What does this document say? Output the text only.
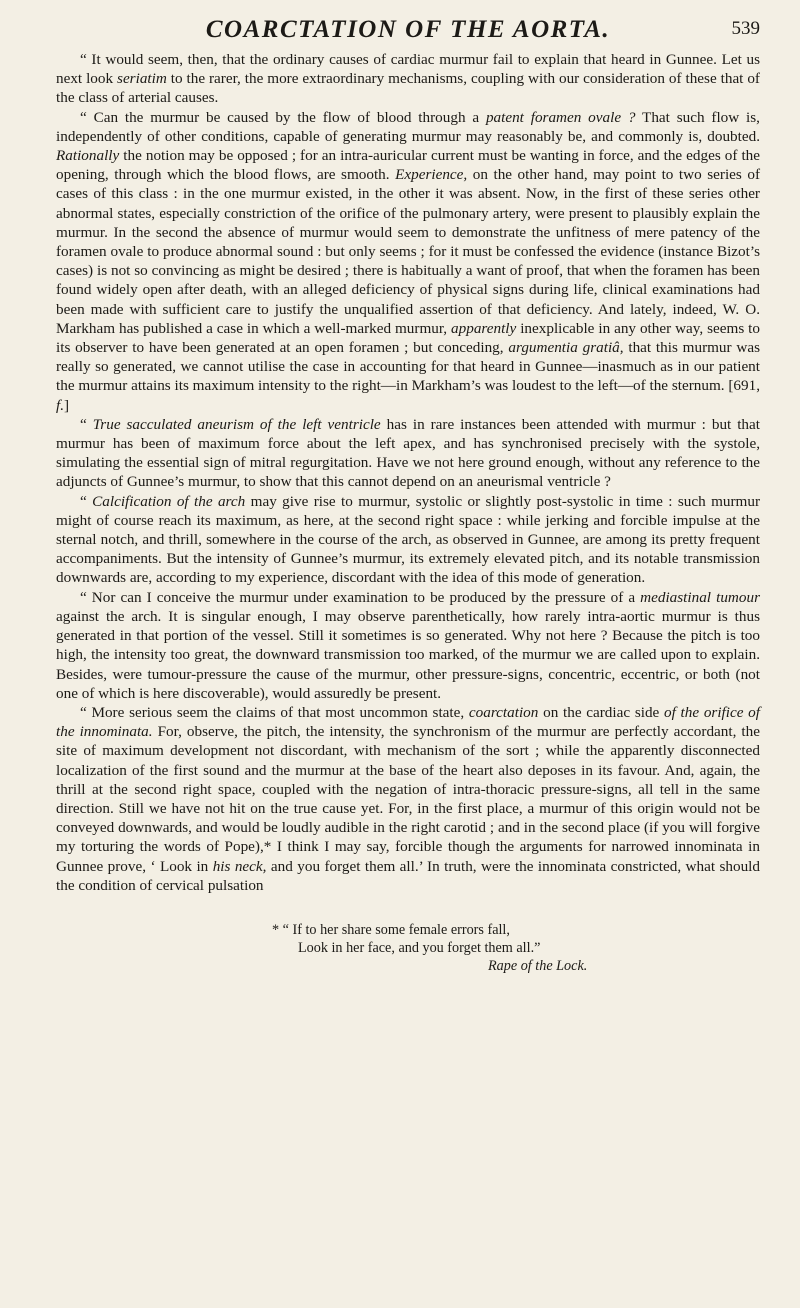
COARCTATION OF THE AORTA.	539

“ It would seem, then, that the ordinary causes of cardiac murmur fail to explain that heard in Gunnee. Let us next look seriatim to the rarer, the more extraordinary mechanisms, coupling with our consideration of these that of the class of arterial causes.

“ Can the murmur be caused by the flow of blood through a patent foramen ovale ? That such flow is, independently of other conditions, capable of generating murmur may reasonably be, and commonly is, doubted. Rationally the notion may be opposed ; for an intra-auricular current must be wanting in force, and the edges of the opening, through which the blood flows, are smooth. Experience, on the other hand, may point to two series of cases of this class : in the one murmur existed, in the other it was absent. Now, in the first of these series other abnormal states, especially constriction of the orifice of the pulmonary artery, were present to plausibly explain the murmur. In the second the absence of murmur would seem to demonstrate the unfitness of mere patency of the foramen ovale to produce abnormal sound : but only seems ; for it must be confessed the evidence (instance Bizot’s cases) is not so convincing as might be desired ; there is habitually a want of proof, that when the foramen has been found widely open after death, with an alleged deficiency of physical signs during life, clinical examinations had been made with sufficient care to justify the unqualified assertion of that deficiency. And lately, indeed, W. O. Markham has published a case in which a well-marked murmur, apparently inexplicable in any other way, seems to its observer to have been generated at an open foramen ; but conceding, argumentia gratiâ, that this murmur was really so generated, we cannot utilise the case in accounting for that heard in Gunnee—inasmuch as in our patient the murmur attains its maximum intensity to the right—in Markham’s was loudest to the left—of the sternum. [691, f.]

“ True sacculated aneurism of the left ventricle has in rare instances been attended with murmur : but that murmur has been of maximum force about the left apex, and has synchronised precisely with the systole, simulating the essential sign of mitral regurgitation. Have we not here ground enough, without any reference to the adjuncts of Gunnee’s murmur, to show that this cannot depend on an aneurismal ventricle ?

“ Calcification of the arch may give rise to murmur, systolic or slightly post-systolic in time : such murmur might of course reach its maximum, as here, at the second right space : while jerking and forcible impulse at the sternal notch, and thrill, somewhere in the course of the arch, as observed in Gunnee, are among its pretty frequent accompaniments. But the intensity of Gunnee’s murmur, its extremely elevated pitch, and its notable transmission downwards are, according to my experience, discordant with the idea of this mode of generation.

“ Nor can I conceive the murmur under examination to be produced by the pressure of a mediastinal tumour against the arch. It is singular enough, I may observe parenthetically, how rarely intra-aortic murmur is thus generated in that portion of the vessel. Still it sometimes is so generated. Why not here ? Because the pitch is too high, the intensity too great, the downward transmission too marked, of the murmur we are called upon to explain. Besides, were tumour-pressure the cause of the murmur, other pressure-signs, concentric, eccentric, or both (not one of which is here discoverable), would assuredly be present.

“ More serious seem the claims of that most uncommon state, coarctation on the cardiac side of the orifice of the innominata. For, observe, the pitch, the intensity, the synchronism of the murmur are perfectly accordant, the site of maximum development not discordant, with mechanism of the sort ; while the apparently disconnected localization of the first sound and the murmur at the base of the heart also deposes in its favour. And, again, the thrill at the second right space, coupled with the negation of intra-thoracic pressure-signs, all tell in the same direction. Still we have not hit on the true cause yet. For, in the first place, a murmur of this origin would not be conveyed downwards, and would be loudly audible in the right carotid ; and in the second place (if you will forgive my torturing the words of Pope),* I think I may say, forcible though the arguments for narrowed innominata in Gunnee prove, ‘ Look in his neck, and you forget them all.’ In truth, were the innominata constricted, what should the condition of cervical pulsation

* “ If to her share some female errors fall,
Look in her face, and you forget them all.”
Rape of the Lock.
